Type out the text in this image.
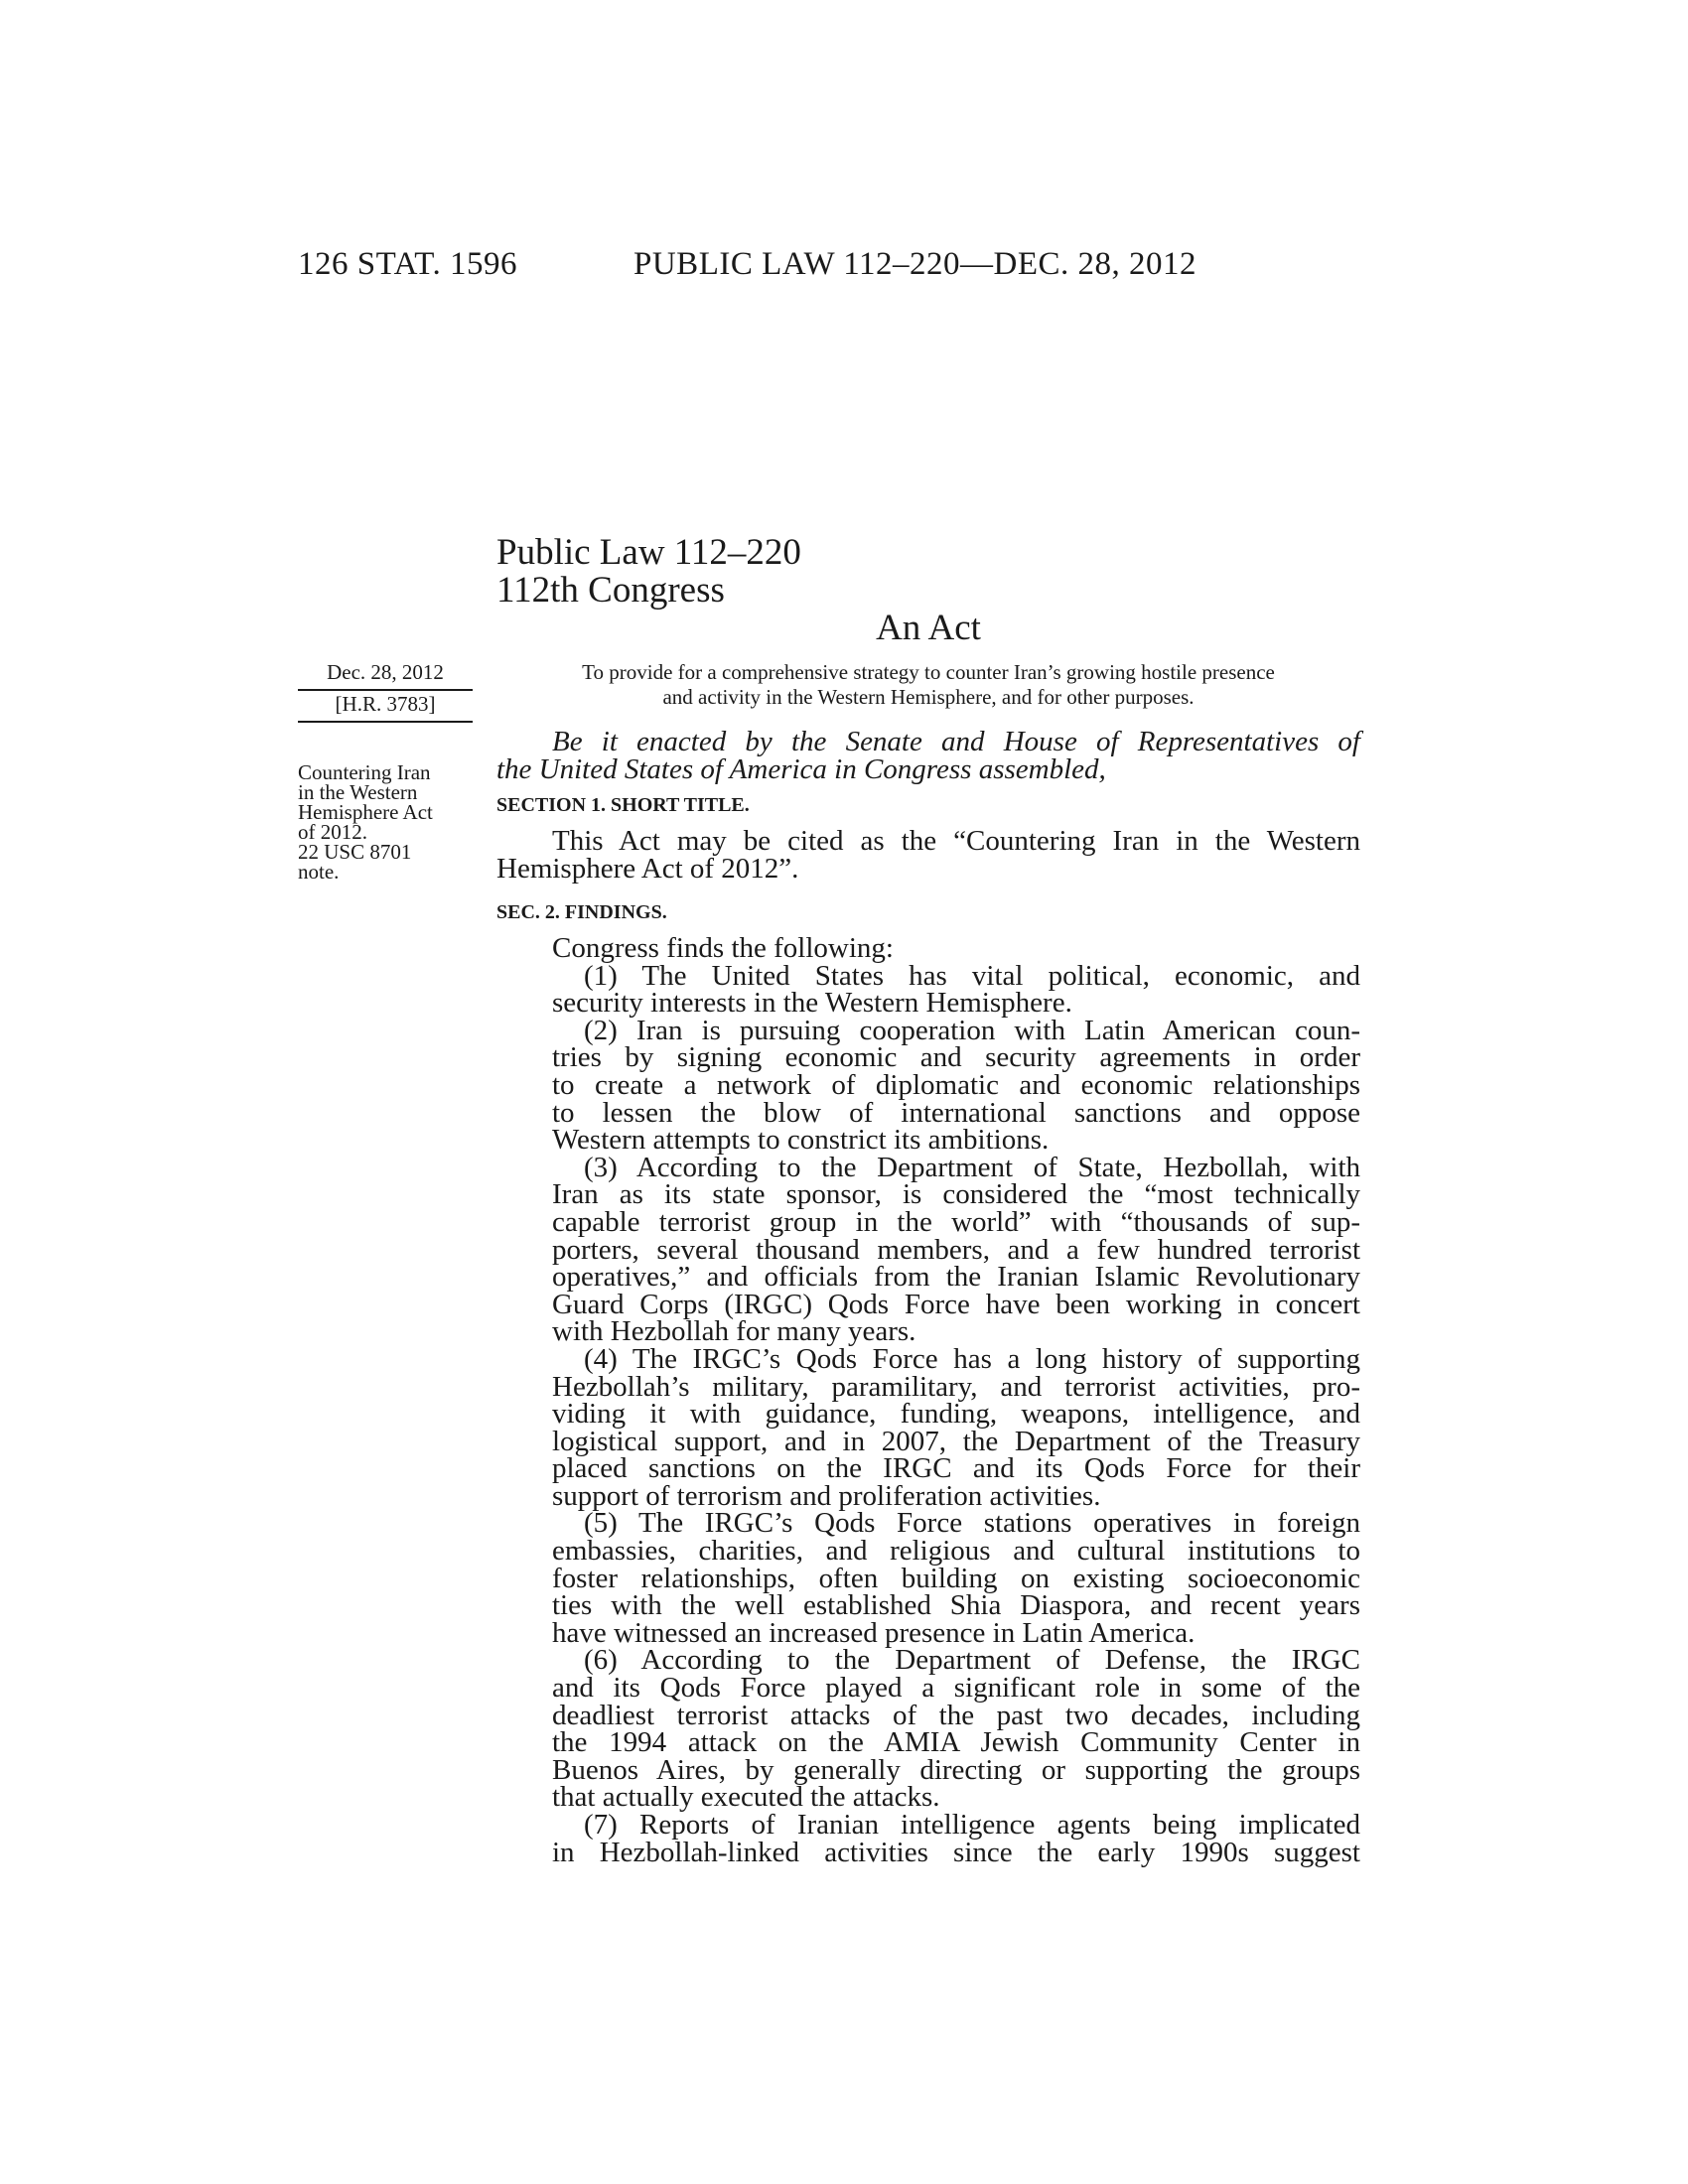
126 STAT. 1596	PUBLIC LAW 112–220—DEC. 28, 2012
Public Law 112–220
112th Congress
An Act
Dec. 28, 2012
[H.R. 3783]
Countering Iran
in the Western
Hemisphere Act
of 2012.
22 USC 8701
note.
To provide for a comprehensive strategy to counter Iran’s growing hostile presence
and activity in the Western Hemisphere, and for other purposes.
Be it enacted by the Senate and House of Representatives of
the United States of America in Congress assembled,
SECTION 1. SHORT TITLE.
This Act may be cited as the “Countering Iran in the Western
Hemisphere Act of 2012”.
SEC. 2. FINDINGS.
Congress finds the following:
(1) The United States has vital political, economic, and
security interests in the Western Hemisphere.
(2) Iran is pursuing cooperation with Latin American coun-
tries by signing economic and security agreements in order
to create a network of diplomatic and economic relationships
to lessen the blow of international sanctions and oppose
Western attempts to constrict its ambitions.
(3) According to the Department of State, Hezbollah, with
Iran as its state sponsor, is considered the “most technically
capable terrorist group in the world” with “thousands of sup-
porters, several thousand members, and a few hundred terrorist
operatives,” and officials from the Iranian Islamic Revolutionary
Guard Corps (IRGC) Qods Force have been working in concert
with Hezbollah for many years.
(4) The IRGC’s Qods Force has a long history of supporting
Hezbollah’s military, paramilitary, and terrorist activities, pro-
viding it with guidance, funding, weapons, intelligence, and
logistical support, and in 2007, the Department of the Treasury
placed sanctions on the IRGC and its Qods Force for their
support of terrorism and proliferation activities.
(5) The IRGC’s Qods Force stations operatives in foreign
embassies, charities, and religious and cultural institutions to
foster relationships, often building on existing socioeconomic
ties with the well established Shia Diaspora, and recent years
have witnessed an increased presence in Latin America.
(6) According to the Department of Defense, the IRGC
and its Qods Force played a significant role in some of the
deadliest terrorist attacks of the past two decades, including
the 1994 attack on the AMIA Jewish Community Center in
Buenos Aires, by generally directing or supporting the groups
that actually executed the attacks.
(7) Reports of Iranian intelligence agents being implicated
in Hezbollah-linked activities since the early 1990s suggest
